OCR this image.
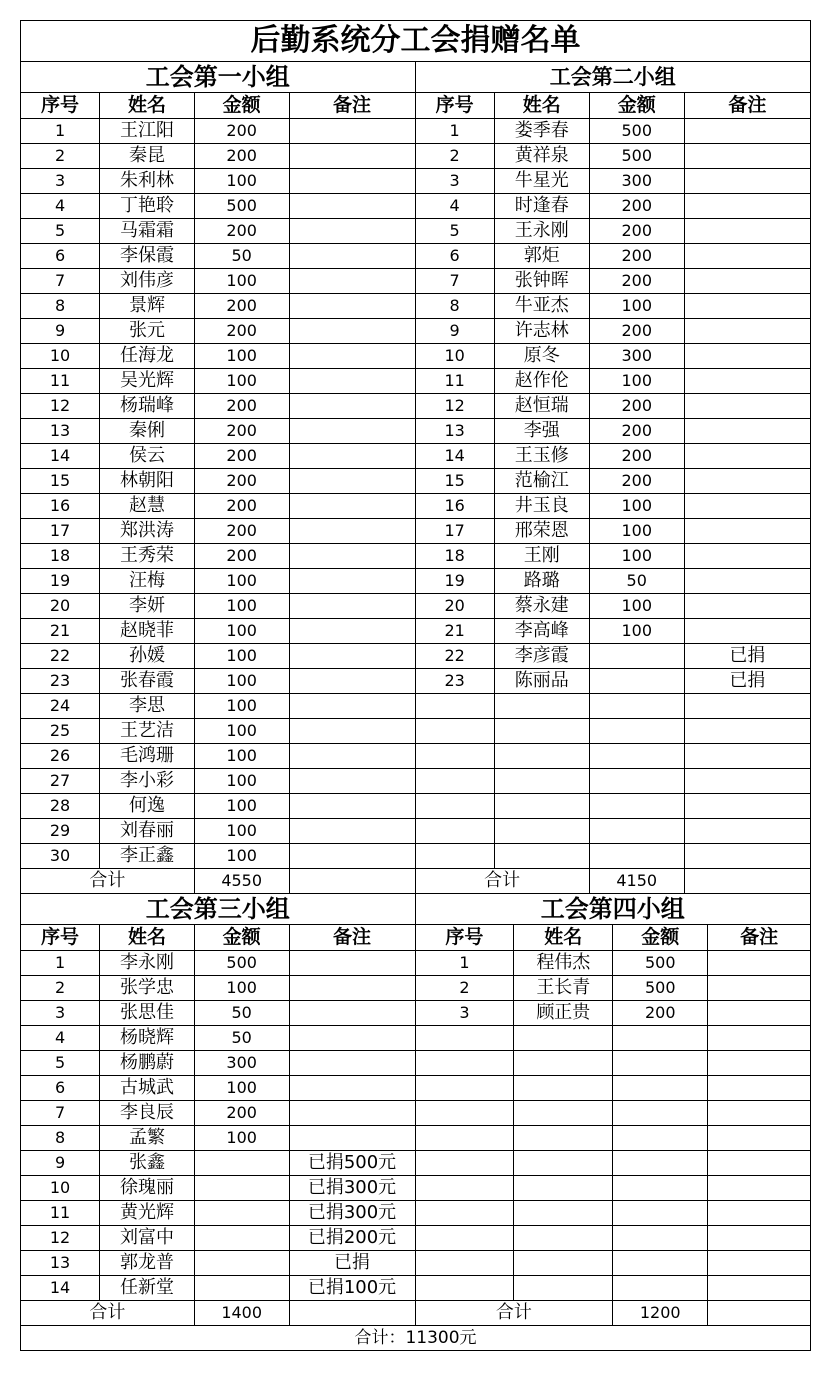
后勤系统分工会捐赠名单
工会第一小组
序号	姓名	金额	备注
1	王江阳	200	
2	秦昆	200	
3	朱利林	100	
4	丁艳聆	500	
5	马霜霜	200	
6	李保霞	50	
7	刘伟彦	100	
8	景辉	200	
9	张元	200	
10	任海龙	100	
11	吴光辉	100	
12	杨瑞峰	200	
13	秦俐	200	
14	侯云	200	
15	林朝阳	200	
16	赵慧	200	
17	郑洪涛	200	
18	王秀荣	200	
19	汪梅	100	
20	李妍	100	
21	赵晓菲	100	
22	孙媛	100	
23	张春霞	100	
24	李思	100	
25	王艺洁	100	
26	毛鸿珊	100	
27	李小彩	100	
28	何逸	100	
29	刘春丽	100	
30	李正鑫	100	
合计		4550	
工会第二小组
序号	姓名	金额	备注
1	娄季春	500	
2	黄祥泉	500	
3	牛星光	300	
4	时逢春	200	
5	王永刚	200	
6	郭炬	200	
7	张钟晖	200	
8	牛亚杰	100	
9	许志林	200	
10	原冬	300	
11	赵作伦	100	
12	赵恒瑞	200	
13	李强	200	
14	王玉修	200	
15	范榆江	200	
16	井玉良	100	
17	邢荣恩	100	
18	王刚	100	
19	路璐	50	
20	蔡永建	100	
21	李高峰	100	
22	李彦霞		已捐
23	陈丽品		已捐

合计		4150	
工会第三小组
序号	姓名	金额	备注
1	李永刚	500	
2	张学忠	100	
3	张思佳	50	
4	杨晓辉	50	
5	杨鹏蔚	300	
6	古城武	100	
7	李良辰	200	
8	孟繁	100	
9	张鑫		已捐500元
10	徐瑰丽		已捐300元
11	黄光辉		已捐300元
12	刘富中		已捐200元
13	郭龙普		已捐
14	任新堂		已捐100元
合计		1400	
工会第四小组
序号	姓名	金额	备注
1	程伟杰	500	
2	王长青	500	
3	顾正贵	200	

合计		1200	
合计：11300元
